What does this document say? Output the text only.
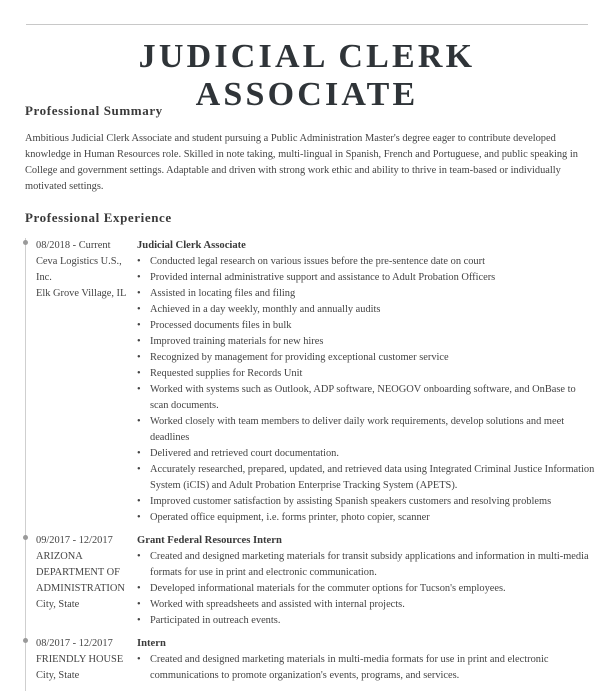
JUDICIAL CLERK ASSOCIATE
Professional Summary

Ambitious Judicial Clerk Associate and student pursuing a Public Administration Master's degree eager to contribute developed knowledge in Human Resources role. Skilled in note taking, multi-lingual in Spanish, French and Portuguese, and public speaking in College and government settings. Adaptable and driven with strong work ethic and ability to thrive in team-based or individually motivated settings.

Professional Experience
08/2018 - Current
Ceva Logistics U.S.,
Inc.
Elk Grove Village, IL
Judicial Clerk Associate
• Conducted legal research on various issues before the pre-sentence date on court
• Provided internal administrative support and assistance to Adult Probation Officers
• Assisted in locating files and filing
• Achieved in a day weekly, monthly and annually audits
• Processed documents files in bulk
• Improved training materials for new hires
• Recognized by management for providing exceptional customer service
• Requested supplies for Records Unit
• Worked with systems such as Outlook, ADP software, NEOGOV onboarding software, and OnBase to scan documents.
• Worked closely with team members to deliver daily work requirements, develop solutions and meet deadlines
• Delivered and retrieved court documentation.
• Accurately researched, prepared, updated, and retrieved data using Integrated Criminal Justice Information System (iCIS) and Adult Probation Enterprise Tracking System (APETS).
• Improved customer satisfaction by assisting Spanish speakers customers and resolving problems
• Operated office equipment, i.e. forms printer, photo copier, scanner
09/2017 - 12/2017
ARIZONA
DEPARTMENT OF
ADMINISTRATION
City, State
Grant Federal Resources Intern
• Created and designed marketing materials for transit subsidy applications and information in multi-media formats for use in print and electronic communication.
• Developed informational materials for the commuter options for Tucson's employees.
• Worked with spreadsheets and assisted with internal projects.
• Participated in outreach events.
08/2017 - 12/2017
FRIENDLY HOUSE
City, State
Intern
• Created and designed marketing materials in multi-media formats for use in print and electronic communications to promote organization's events, programs, and services.
